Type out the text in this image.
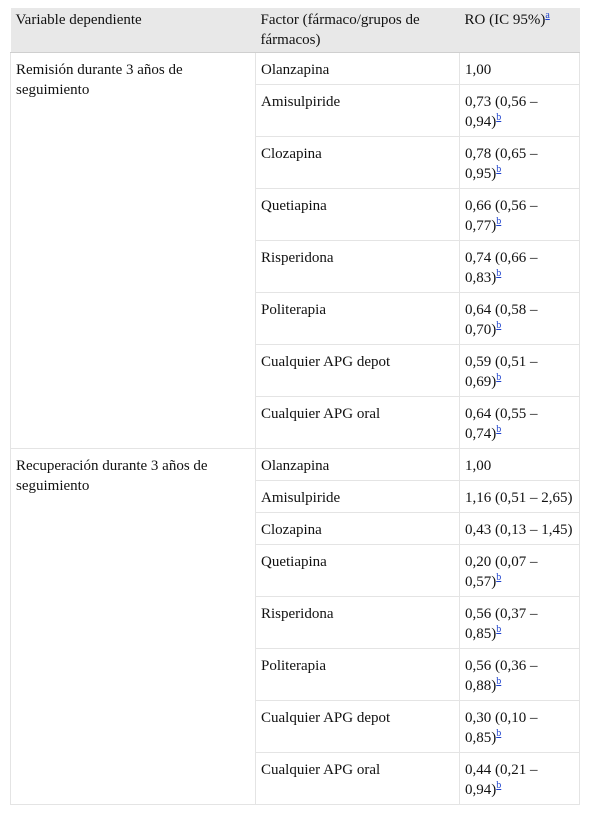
Variable dependiente	Factor (fármaco/grupos de fármacos)	RO (IC 95%)$^a$
Remisión durante 3 años de seguimiento	Olanzapina	1,00
	Amisulpiride	0,73 (0,56 – 0,94)$^b$
	Clozapina	0,78 (0,65 – 0,95)$^b$
	Quetiapina	0,66 (0,56 – 0,77)$^b$
	Risperidona	0,74 (0,66 – 0,83)$^b$
	Politerapia	0,64 (0,58 – 0,70)$^b$
	Cualquier APG depot	0,59 (0,51 – 0,69)$^b$
	Cualquier APG oral	0,64 (0,55 – 0,74)$^b$
Recuperación durante 3 años de seguimiento	Olanzapina	1,00
	Amisulpiride	1,16 (0,51 – 2,65)
	Clozapina	0,43 (0,13 – 1,45)
	Quetiapina	0,20 (0,07 – 0,57)$^b$
	Risperidona	0,56 (0,37 – 0,85)$^b$
	Politerapia	0,56 (0,36 – 0,88)$^b$
	Cualquier APG depot	0,30 (0,10 – 0,85)$^b$
	Cualquier APG oral	0,44 (0,21 – 0,94)$^b$
